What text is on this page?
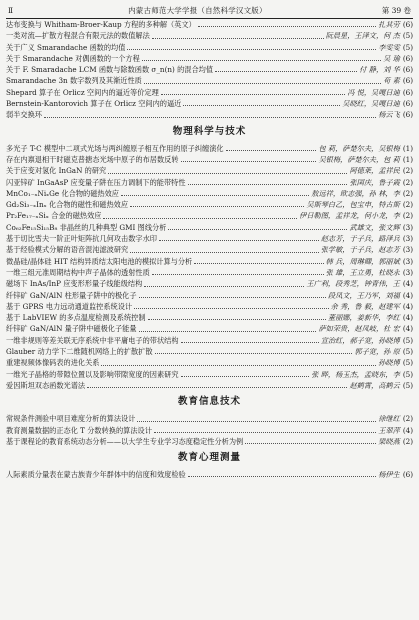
Ⅱ	内蒙古师范大学学报（自然科学汉文版）	第 39 卷
达布变换与 Whitham-Broer-Kaup 方程的多种解（英文）	扎其劳 (6)
一类对流—扩散方程混合有限元法的数值解法	阮晨星，王泽文，何 杰 (5)
关于广义 Smarandache 函数的均值	李雯雯 (5)
关于 Smarandache 对偶函数的一个方程	吴 瑜 (6)
关于 F. Smaradache LCM 函数与除数函数 σ_n(n) 的混合均值	付 静，刘 华 (6)
Smarandache 3n 数字数列及其渐近性质	苟 素 (6)
Shepard 算子在 Orlicz 空间内的逼近等价定理	冯 悦，吴嘎日迪 (6)
Bernstein-Kantorovich 算子在 Orlicz 空间内的逼近	吴晓红，吴嘎日迪 (6)
弱半交换环	杨云飞 (6)
物理科学与技术
多光子 T-C 模型中二项式光场与两纠缠原子相互作用的原子纠缠演化	包 莉，萨楚尔夫，吴银梅 (1)
存在内禀退相干时磁克普搪态光场中原子的布居数反转	吴银梅，萨楚尔夫，包 莉 (1)
关于应变对氢化 InGaN 的研究	阿德莱，孟祥民 (2)
闪亚锌矿 InGaAsP 应变量子阱在压力调制下的能带特性	张国庆，鲁子霞 (2)
MnCo₁₋ₓNiₓGe 化合物的磁热效应	敖远祥，欧志强，孙 林，李 (2)
Gd₂Si₃₋ₓInₓ 化合物的磁性和磁热效应	吴斯琴白乙，包宝申，特古斯 (2)
Pr₂Fe₁₇₋ₓSiₓ 合金的磁热效应	伊日勒图，孟祥龙，何小龙，李 (2)
Co₆₂Fe₁₅Si₁₅B₈ 非晶丝的几种典型 GMI 图线分析	武雄文，张文辉 (3)
基于切比雪夫一阶正叶矩阵抗几何攻击数字水印	赵志芳，于子兵，路泽兵 (3)
基于经验模式分解的语音混沌滤波研究	张学敏，于子兵，赵志芳 (3)
微晶硅/晶体硅 HIT 结构异质结太阳电池的模拟计算与分析	韩 兵，周琳卿，郭丽斌 (3)
一维三组元准周期结构中声子晶体的透射性质	张 雄，王立勇，杜晓永 (3)
磁场下 InAs/InP 应变形形量子线能级结构	王广利，段秀芝，钟青伟，王 (4)
纤锌矿 GaN/AlN 柱形量子阱中的极化子	段凤文，王乃军，刘福 (4)
基于 GPRS 电力远动通道监控系统设计	余 秀，鲁 毅，赵建军 (4)
基于 LabVIEW 的多点温度检测及系统控制	董丽娜，姜新华，李红 (4)
纤锌矿 GaN/AlN 量子阱中磁极化子能量	萨如荣贵，赵凤岐，杜 宏 (4)
一维非规则等差关联无序系统中非平庸电子的带状结构	宣治红，郝子宽，孙晓博 (5)
Glauber 动力学下二维随机网络上的扩散扩散	郭子宽，孙 原 (5)
重建视频体像码表的进化关系	孙晓博 (5)
一维光子晶格的带隙位置以及影响带隙宽度的因素研究	张 晔，杨玉杰，孟晓东，李 (5)
爱因斯坦双态函数光谱法	赵鹤霄，高鹤云 (5)
教育信息技术
常规条件测验中项目难度分析的算法设计	徐继红 (2)
教育测量数据的正态化 T 分数转换的算法设计	王翠萍 (4)
基于课程论的教育系统动态分析——以大学生专业学习态度稳定性分析为例	梁晓燕 (2)
教育心理测量
人际素质分量表在蒙古族青少年群体中的信度和效度检验	杨伊生 (6)
